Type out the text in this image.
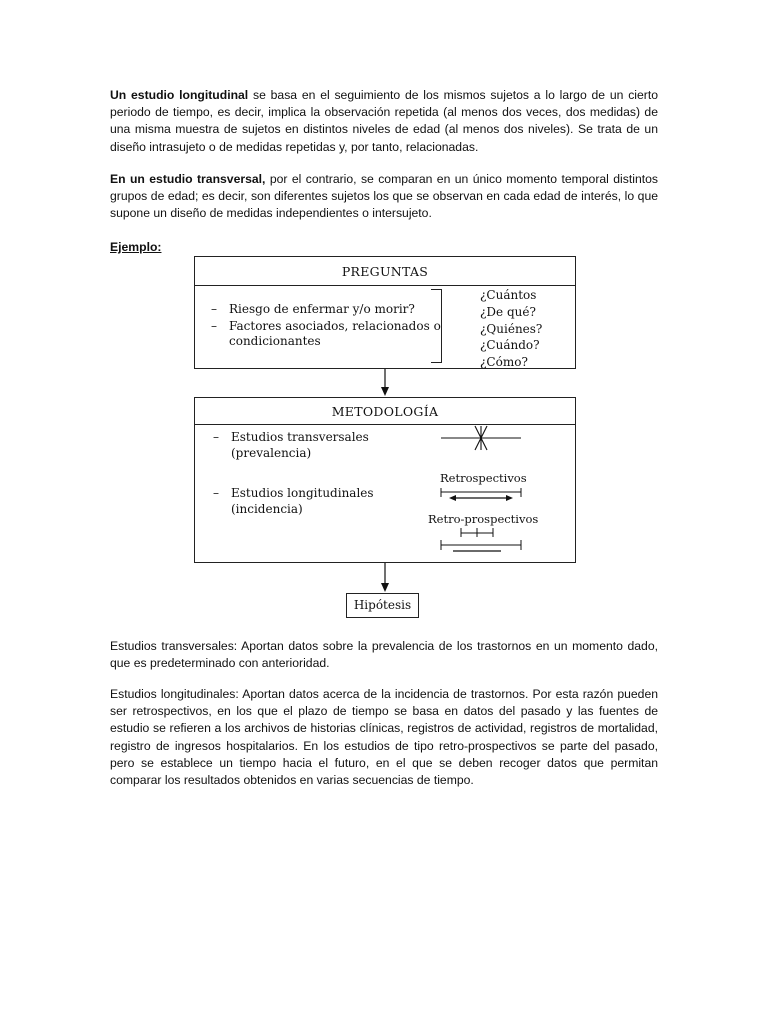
Un estudio longitudinal se basa en el seguimiento de los mismos sujetos a lo largo de un cierto periodo de tiempo, es decir, implica la observación repetida (al menos dos veces, dos medidas) de una misma muestra de sujetos en distintos niveles de edad (al menos dos niveles). Se trata de un diseño intrasujeto o de medidas repetidas y, por tanto, relacionadas.

En un estudio transversal, por el contrario, se comparan en un único momento temporal distintos grupos de edad; es decir, son diferentes sujetos los que se observan en cada edad de interés, lo que supone un diseño de medidas independientes o intersujeto.

Ejemplo:

PREGUNTAS
– Riesgo de enfermar y/o morir?
– Factores asociados, relacionados o
condicionantes
¿Cuántos
¿De qué?
¿Quiénes?
¿Cuándo?
¿Cómo?
METODOLOGÍA
– Estudios transversales
(prevalencia)
– Estudios longitudinales
(incidencia)
Retrospectivos
Retro-prospectivos
Hipótesis

Estudios transversales: Aportan datos sobre la prevalencia de los trastornos en un momento dado, que es predeterminado con anterioridad.

Estudios longitudinales: Aportan datos acerca de la incidencia de trastornos. Por esta razón pueden ser retrospectivos, en los que el plazo de tiempo se basa en datos del pasado y las fuentes de estudio se refieren a los archivos de historias clínicas, registros de actividad, registros de mortalidad, registro de ingresos hospitalarios. En los estudios de tipo retro-prospectivos se parte del pasado, pero se establece un tiempo hacia el futuro, en el que se deben recoger datos que permitan comparar los resultados obtenidos en varias secuencias de tiempo.
